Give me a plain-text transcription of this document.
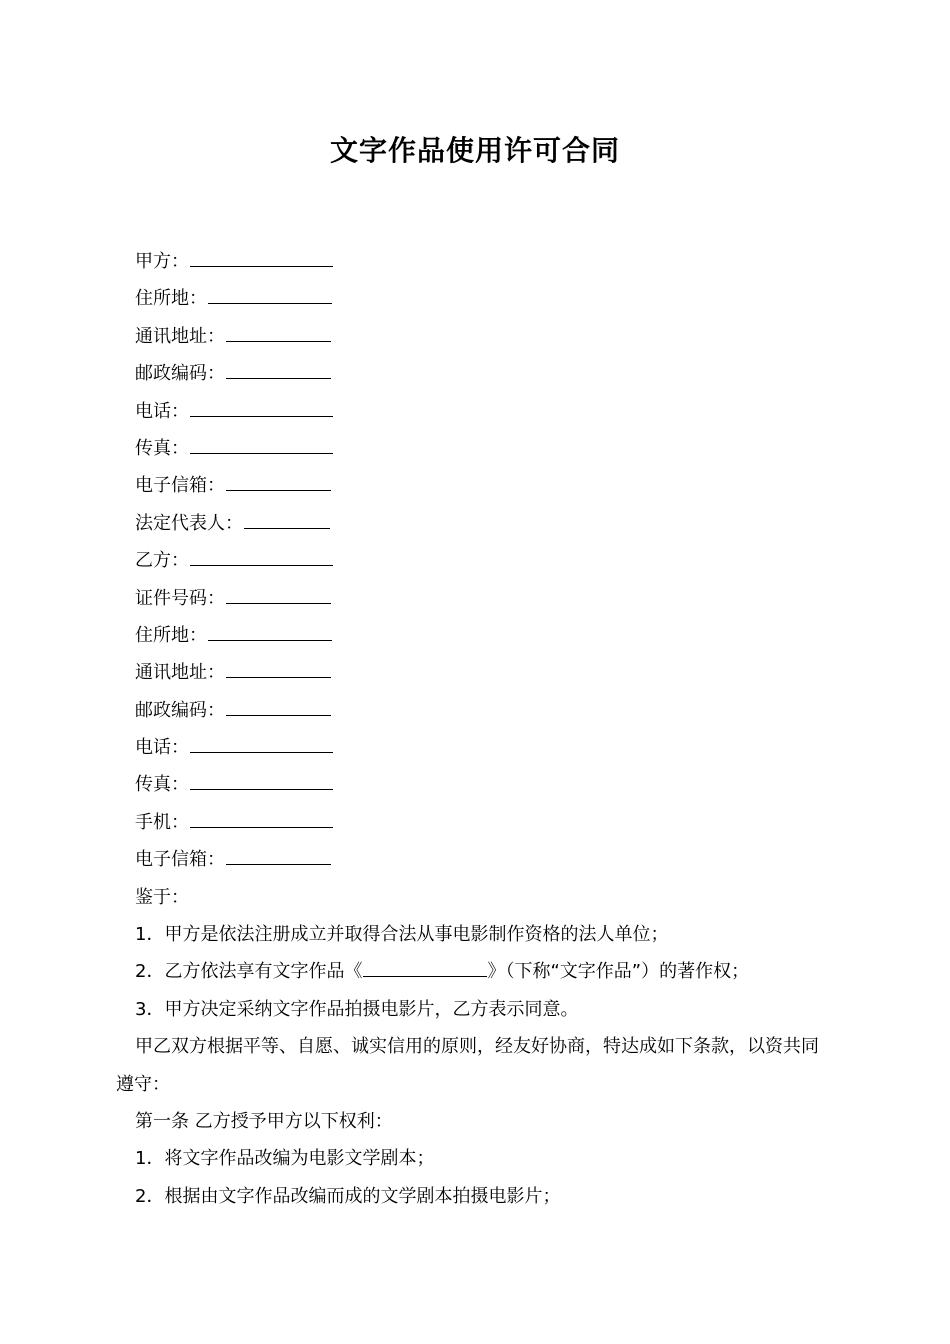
文字作品使用许可合同
甲方：
住所地：
通讯地址：
邮政编码：
电话：
传真：
电子信箱：
法定代表人：
乙方：
证件号码：
住所地：
通讯地址：
邮政编码：
电话：
传真：
手机：
电子信箱：
鉴于：
1．甲方是依法注册成立并取得合法从事电影制作资格的法人单位；
2．乙方依法享有文字作品《	》（下称“文字作品”）的著作权；
3．甲方决定采纳文字作品拍摄电影片，乙方表示同意。
甲乙双方根据平等、自愿、诚实信用的原则，经友好协商，特达成如下条款，以资共同遵守：
第一条 乙方授予甲方以下权利：
1．将文字作品改编为电影文学剧本；
2．根据由文字作品改编而成的文学剧本拍摄电影片；
